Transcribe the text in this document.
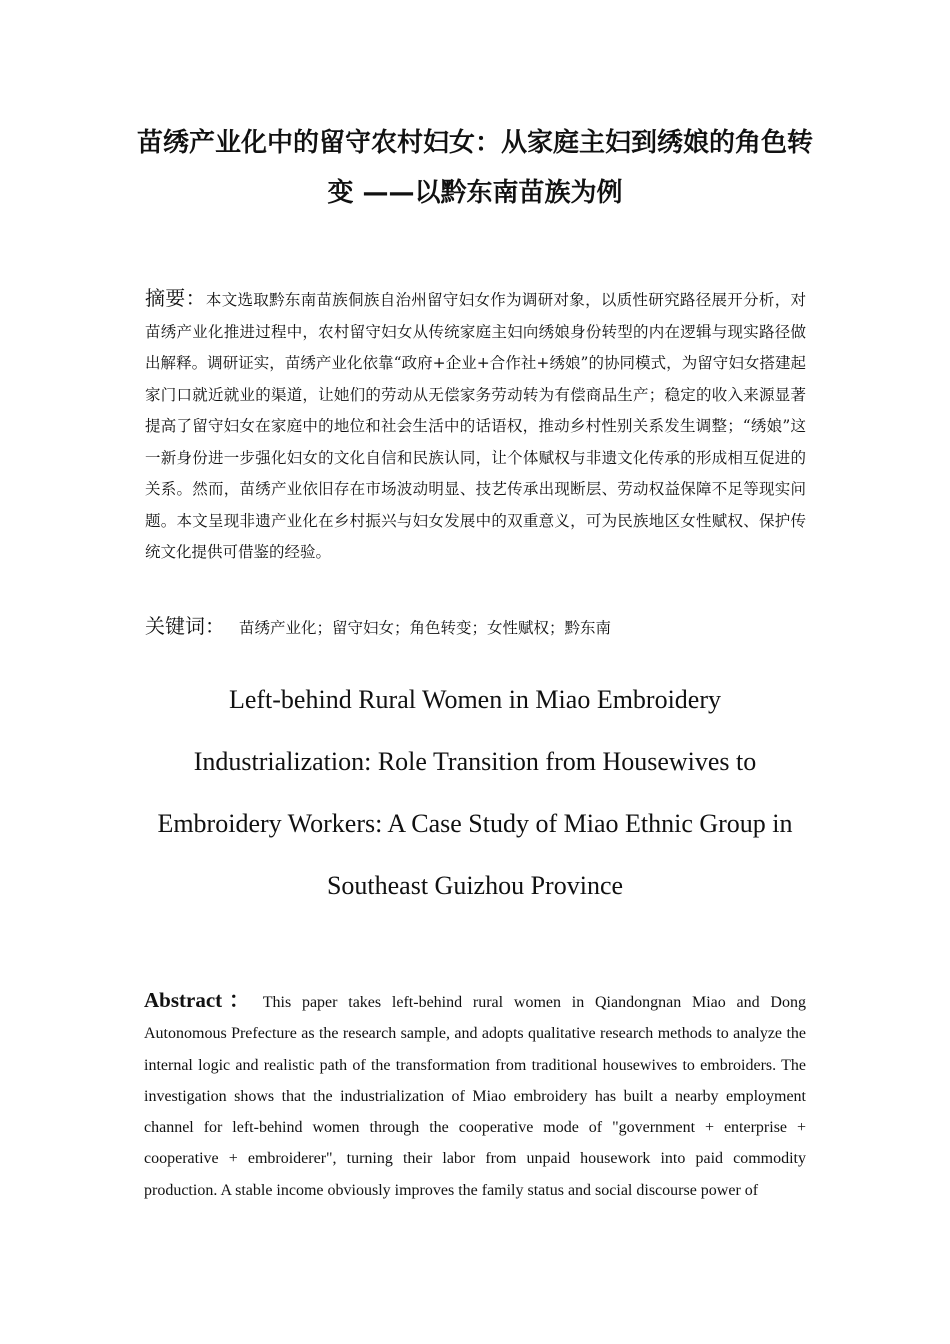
苗绣产业化中的留守农村妇女：从家庭主妇到绣娘的角色转变 ——以黔东南苗族为例

摘要：本文选取黔东南苗族侗族自治州留守妇女作为调研对象，以质性研究路径展开分析，对苗绣产业化推进过程中，农村留守妇女从传统家庭主妇向绣娘身份转型的内在逻辑与现实路径做出解释。调研证实，苗绣产业化依靠“政府+企业+合作社+绣娘”的协同模式，为留守妇女搭建起家门口就近就业的渠道，让她们的劳动从无偿家务劳动转为有偿商品生产；稳定的收入来源显著提高了留守妇女在家庭中的地位和社会生活中的话语权，推动乡村性别关系发生调整；“绣娘”这一新身份进一步强化妇女的文化自信和民族认同，让个体赋权与非遗文化传承的形成相互促进的关系。然而，苗绣产业依旧存在市场波动明显、技艺传承出现断层、劳动权益保障不足等现实问题。本文呈现非遗产业化在乡村振兴与妇女发展中的双重意义，可为民族地区女性赋权、保护传统文化提供可借鉴的经验。

关键词： 苗绣产业化；留守妇女；角色转变；女性赋权；黔东南

Left-behind Rural Women in Miao Embroidery Industrialization: Role Transition from Housewives to Embroidery Workers: A Case Study of Miao Ethnic Group in Southeast Guizhou Province

Abstract： This paper takes left-behind rural women in Qiandongnan Miao and Dong Autonomous Prefecture as the research sample, and adopts qualitative research methods to analyze the internal logic and realistic path of the transformation from traditional housewives to embroiders. The investigation shows that the industrialization of Miao embroidery has built a nearby employment channel for left-behind women through the cooperative mode of "government + enterprise + cooperative + embroiderer", turning their labor from unpaid housework into paid commodity production. A stable income obviously improves the family status and social discourse power of
